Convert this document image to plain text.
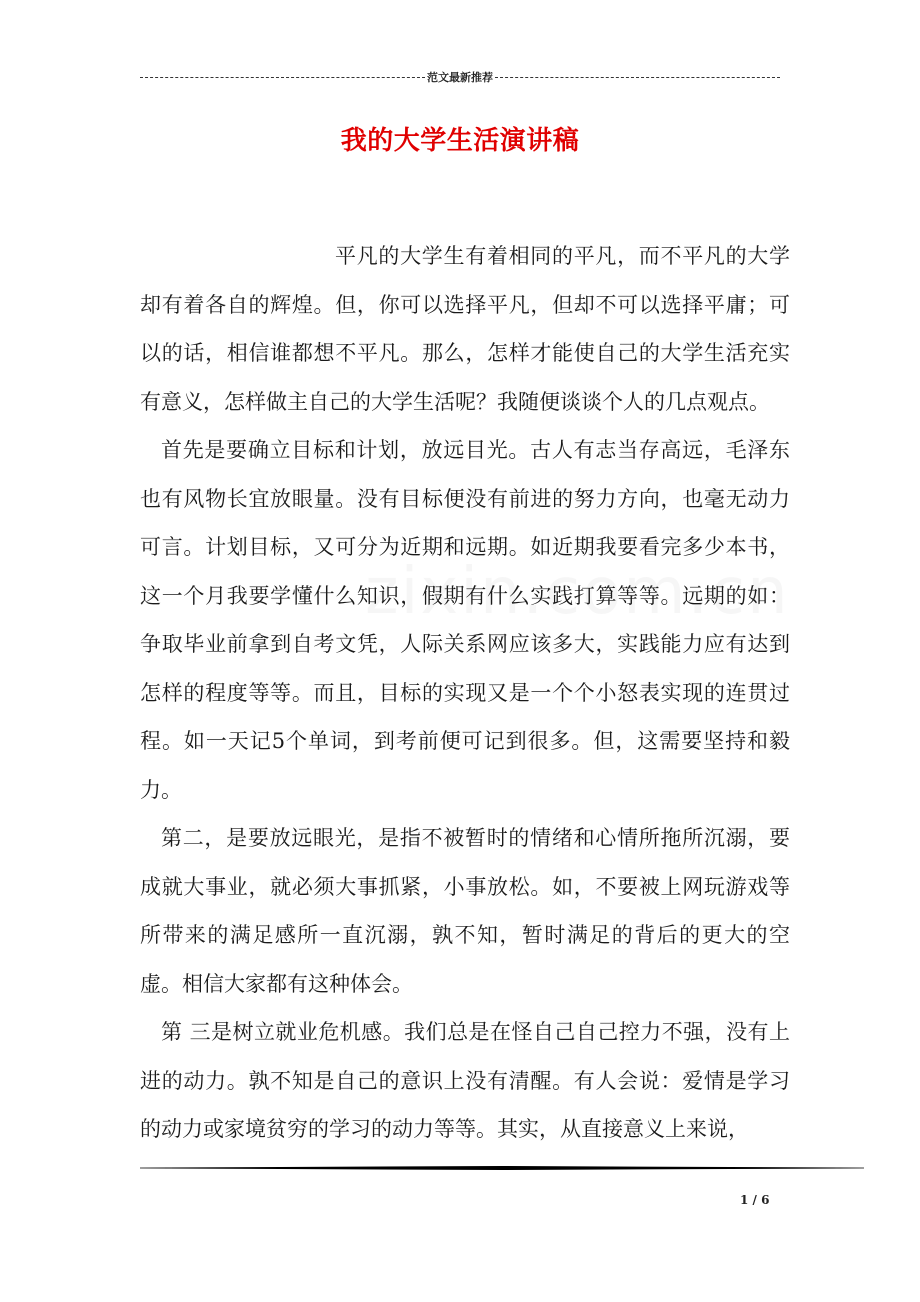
范文最新推荐
我的大学生活演讲稿

平凡的大学生有着相同的平凡，而不平凡的大学却有着各自的辉煌。但，你可以选择平凡，但却不可以选择平庸；可以的话，相信谁都想不平凡。那么，怎样才能使自己的大学生活充实有意义，怎样做主自己的大学生活呢？我随便谈谈个人的几点观点。

首先是要确立目标和计划，放远目光。古人有志当存高远，毛泽东也有风物长宜放眼量。没有目标便没有前进的努力方向，也毫无动力可言。计划目标，又可分为近期和远期。如近期我要看完多少本书，这一个月我要学懂什么知识，假期有什么实践打算等等。远期的如：争取毕业前拿到自考文凭，人际关系网应该多大，实践能力应有达到怎样的程度等等。而且，目标的实现又是一个个小怒表实现的连贯过程。如一天记5个单词，到考前便可记到很多。但，这需要坚持和毅力。

第二，是要放远眼光，是指不被暂时的情绪和心情所拖所沉溺，要成就大事业，就必须大事抓紧，小事放松。如，不要被上网玩游戏等所带来的满足感所一直沉溺，孰不知，暂时满足的背后的更大的空虚。相信大家都有这种体会。

第 三是树立就业危机感。我们总是在怪自己自己控力不强，没有上进的动力。孰不知是自己的意识上没有清醒。有人会说：爱情是学习的动力或家境贫穷的学习的动力等等。其实，从直接意义上来说，

1 / 6
